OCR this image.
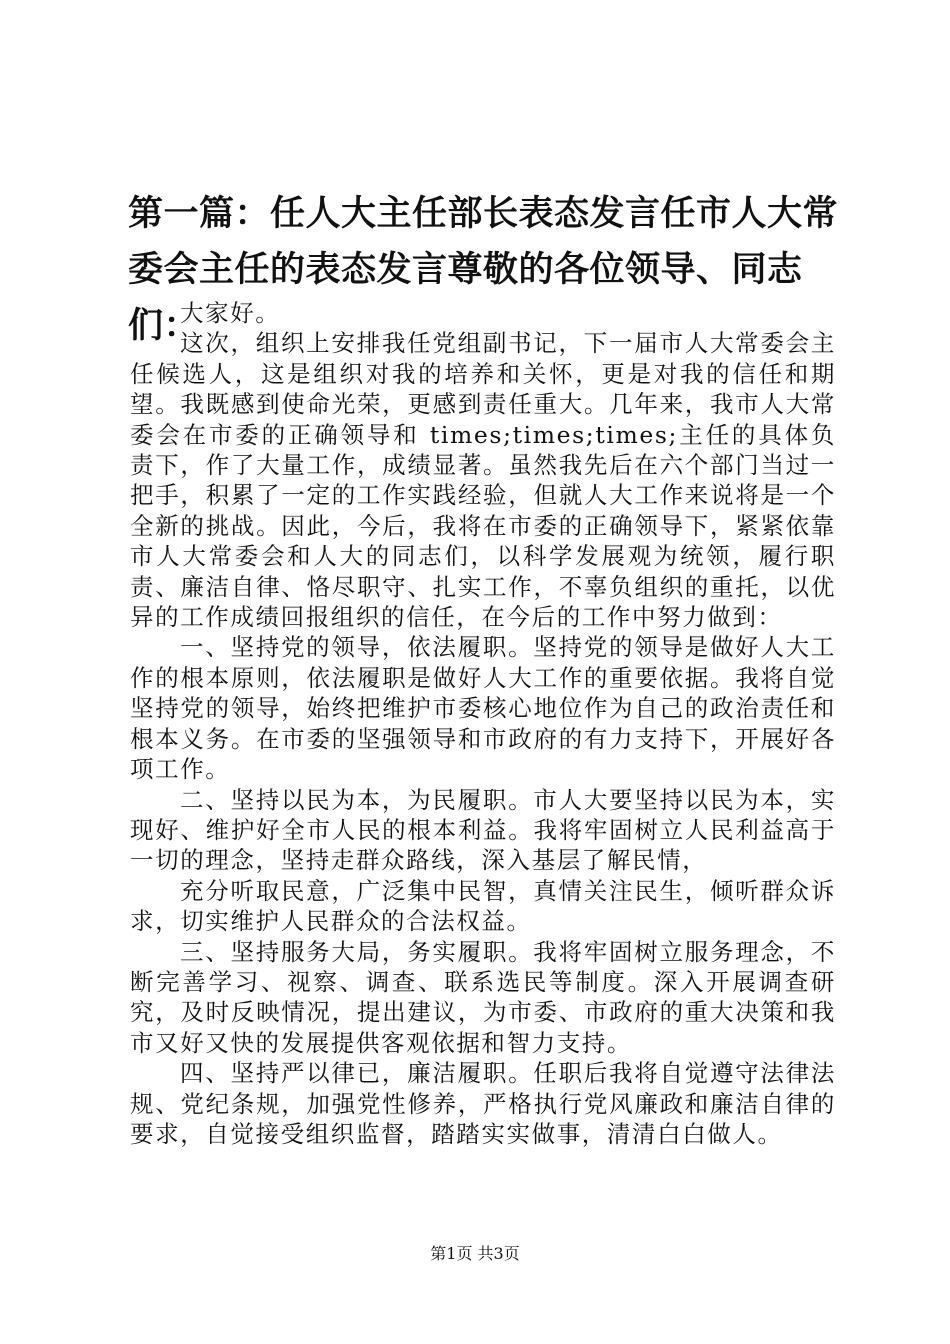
第一篇：任人大主任部长表态发言任市人大常委会主任的表态发言尊敬的各位领导、同志们：

大家好。

这次，组织上安排我任党组副书记，下一届市人大常委会主任候选人，这是组织对我的培养和关怀，更是对我的信任和期望。我既感到使命光荣，更感到责任重大。几年来，我市人大常委会在市委的正确领导和 times;times;times;主任的具体负责下，作了大量工作，成绩显著。虽然我先后在六个部门当过一把手，积累了一定的工作实践经验，但就人大工作来说将是一个全新的挑战。因此，今后，我将在市委的正确领导下，紧紧依靠市人大常委会和人大的同志们，以科学发展观为统领，履行职责、廉洁自律、恪尽职守、扎实工作，不辜负组织的重托，以优异的工作成绩回报组织的信任，在今后的工作中努力做到：

一、坚持党的领导，依法履职。坚持党的领导是做好人大工作的根本原则，依法履职是做好人大工作的重要依据。我将自觉坚持党的领导，始终把维护市委核心地位作为自己的政治责任和根本义务。在市委的坚强领导和市政府的有力支持下，开展好各项工作。

二、坚持以民为本，为民履职。市人大要坚持以民为本，实现好、维护好全市人民的根本利益。我将牢固树立人民利益高于一切的理念，坚持走群众路线，深入基层了解民情，

充分听取民意，广泛集中民智，真情关注民生，倾听群众诉求，切实维护人民群众的合法权益。

三、坚持服务大局，务实履职。我将牢固树立服务理念，不断完善学习、视察、调查、联系选民等制度。深入开展调查研究，及时反映情况，提出建议，为市委、市政府的重大决策和我市又好又快的发展提供客观依据和智力支持。

四、坚持严以律已，廉洁履职。任职后我将自觉遵守法律法规、党纪条规，加强党性修养，严格执行党风廉政和廉洁自律的要求，自觉接受组织监督，踏踏实实做事，清清白白做人。

第1页 共3页
